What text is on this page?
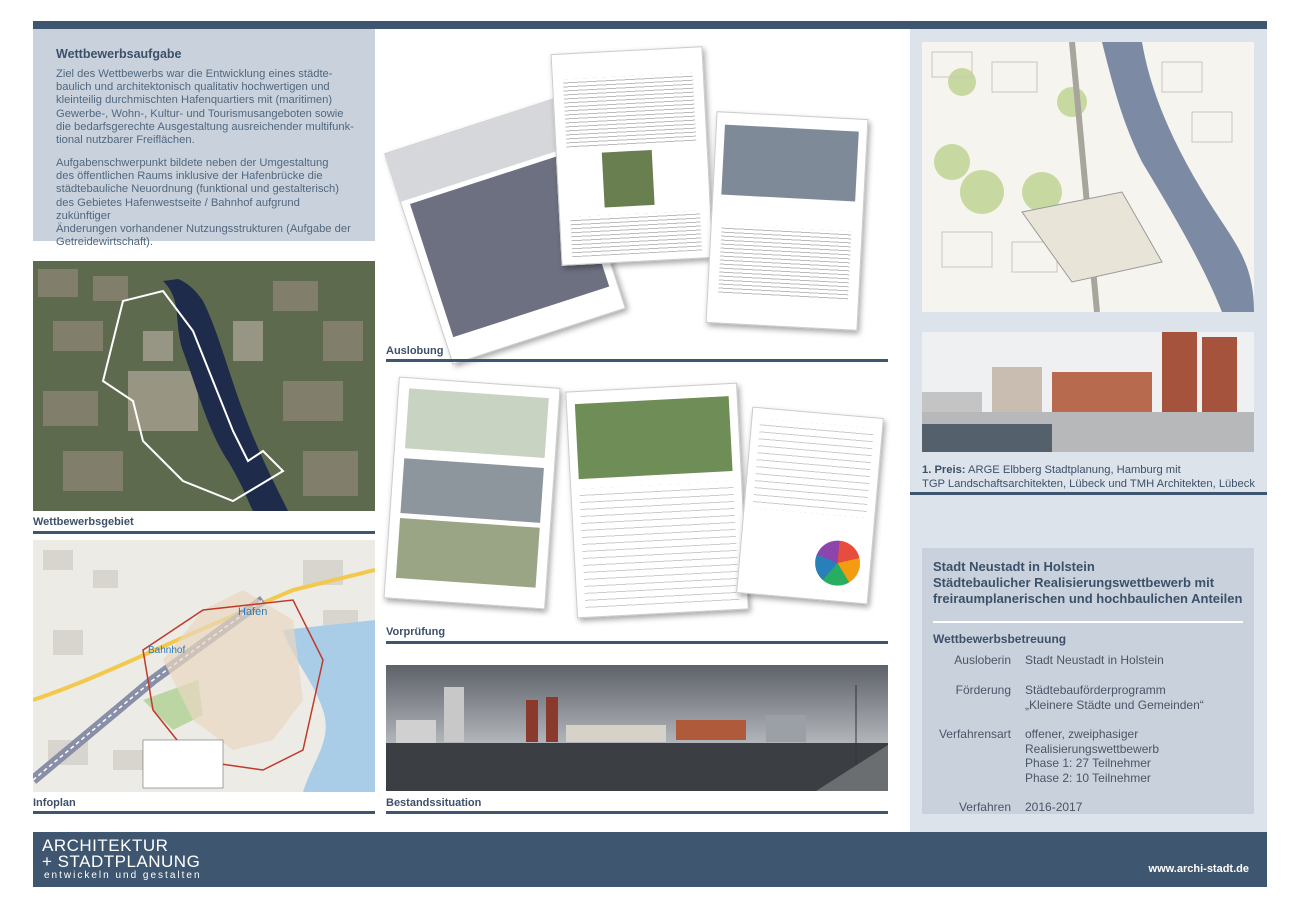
Wettbewerbsaufgabe

Ziel des Wettbewerbs war die Entwicklung eines städte-
baulich und architektonisch qualitativ hochwertigen und
kleinteilig durchmischten Hafenquartiers mit (maritimen)
Gewerbe-, Wohn-, Kultur- und Tourismusangeboten sowie
die bedarfsgerechte Ausgestaltung ausreichender multifunk-
tional nutzbarer Freiflächen.

Aufgabenschwerpunkt bildete neben der Umgestaltung
des öffentlichen Raums inklusive der Hafenbrücke die
städtebauliche Neuordnung (funktional und gestalterisch)
des Gebietes Hafenwestseite / Bahnhof aufgrund zukünftiger
Änderungen vorhandener Nutzungsstrukturen (Aufgabe der
Getreidewirtschaft).

Wettbewerbsgebiet
Hafen
Bahnhof
Infoplan
Auslobung
Vorprüfung
Bestandssituation
1. Preis: ARGE Elbberg Stadtplanung, Hamburg mit
TGP Landschaftsarchitekten, Lübeck und TMH Architekten, Lübeck
Stadt Neustadt in Holstein
Städtebaulicher Realisierungswettbewerb mit
freiraumplanerischen und hochbaulichen Anteilen
Wettbewerbsbetreuung
Ausloberin Stadt Neustadt in Holstein
Förderung Städtebauförderprogramm
„Kleinere Städte und Gemeinden“
Verfahrensart offener, zweiphasiger
Realisierungswettbewerb
Phase 1: 27 Teilnehmer
Phase 2: 10 Teilnehmer
Verfahren 2016-2017
ARCHITEKTUR
+ STADTPLANUNG
entwickeln und gestalten
www.archi-stadt.de
